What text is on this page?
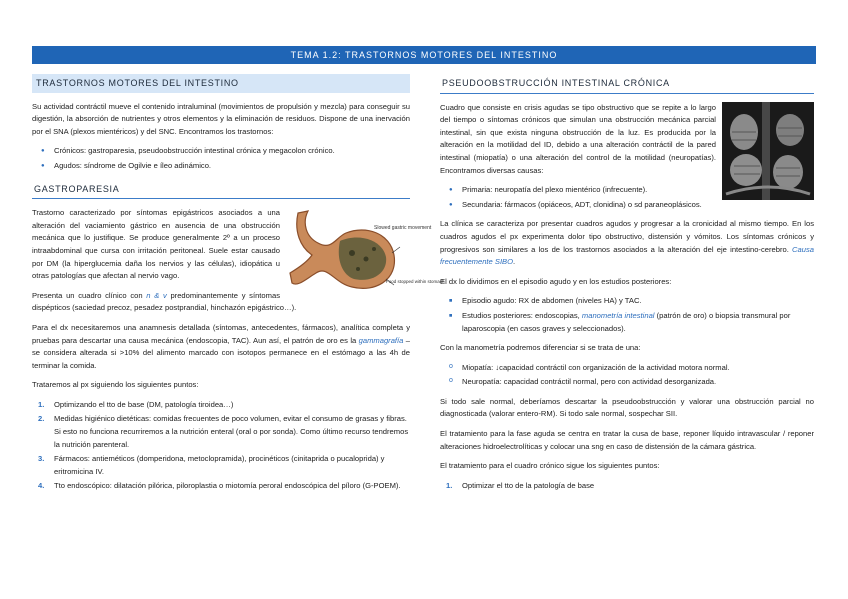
TEMA 1.2: TRASTORNOS MOTORES DEL INTESTINO
TRASTORNOS MOTORES DEL INTESTINO

Su actividad contráctil mueve el contenido intraluminal (movimientos de propulsión y mezcla) para conseguir su digestión, la absorción de nutrientes y otros elementos y la eliminación de residuos. Dispone de una inervación por el SNA (plexos mientéricos) y del SNC. Encontramos los trastornos:

● Crónicos: gastroparesia, pseudoobstrucción intestinal crónica y megacolon crónico.
● Agudos: síndrome de Ogilvie e íleo adinámico.
GASTROPARESIA
Slowed gastric movement
Food stopped within stomach

Trastorno caracterizado por síntomas epigástricos asociados a una alteración del vaciamiento gástrico en ausencia de una obstrucción mecánica que lo justifique. Se produce generalmente 2º a un proceso intraabdominal que cursa con irritación peritoneal. Suele estar causado por DM (la hiperglucemia daña los nervios y las células), idiopática u otras patologías que afectan al nervio vago.

Presenta un cuadro clínico con n & v predominantemente y síntomas dispépticos (saciedad precoz, pesadez postprandial, hinchazón epigástrico…).

Para el dx necesitaremos una anamnesis detallada (síntomas, antecedentes, fármacos), analítica completa y pruebas para descartar una causa mecánica (endoscopia, TAC). Aun así, el patrón de oro es la gammagrafía – se considera alterada si >10% del alimento marcado con isotopos permanece en el estómago a las 4h de terminar la comida.

Trataremos al px siguiendo los siguientes puntos:

Optimizando el tto de base (DM, patología tiroidea…)
Medidas higiénico dietéticas: comidas frecuentes de poco volumen, evitar el consumo de grasas y fibras. Si esto no funciona recurriremos a la nutrición enteral (oral o por sonda). Como último recurso tendremos la nutrición parenteral.
Fármacos: antieméticos (domperidona, metoclopramida), procinéticos (cinitaprida o pucaloprida) y eritromicina IV.
Tto endoscópico: dilatación pilórica, piloroplastia o miotomía peroral endoscópica del píloro (G-POEM).
PSEUDOOBSTRUCCIÓN INTESTINAL CRÓNICA

Cuadro que consiste en crisis agudas se tipo obstructivo que se repite a lo largo del tiempo o síntomas crónicos que simulan una obstrucción mecánica parcial intestinal, sin que exista ninguna obstrucción de la luz. Es producida por la alteración en la motilidad del ID, debido a una alteración contráctil de la pared intestinal (miopatía) o una alteración del control de la motilidad (neuropatías). Encontramos diversas causas:

● Primaria: neuropatía del plexo mientérico (infrecuente).
● Secundaria: fármacos (opiáceos, ADT, clonidina) o sd paraneoplásicos.

La clínica se caracteriza por presentar cuadros agudos y progresar a la cronicidad al mismo tiempo. En los cuadros agudos el px experimenta dolor tipo obstructivo, distensión y vómitos. Los síntomas crónicos y progresivos son similares a los de los trastornos asociados a la alteración del eje intestino-cerebro. Causa frecuentemente SIBO.

El dx lo dividimos en el episodio agudo y en los estudios posteriores:

■ Episodio agudo: RX de abdomen (niveles HA) y TAC.
■ Estudios posteriores: endoscopias, manometría intestinal (patrón de oro) o biopsia transmural por laparoscopia (en casos graves y seleccionados).

Con la manometría podremos diferenciar si se trata de una:

o Miopatía: ↓capacidad contráctil con organización de la actividad motora normal.
o Neuropatía: capacidad contráctil normal, pero con actividad desorganizada.

Si todo sale normal, deberíamos descartar la pseudoobstrucción y valorar una obstrucción parcial no diagnosticada (valorar entero-RM). Si todo sale normal, sospechar SII.

El tratamiento para la fase aguda se centra en tratar la cusa de base, reponer líquido intravascular / reponer alteraciones hidroelectrolíticas y colocar una sng en caso de distensión de la cámara gástrica.

El tratamiento para el cuadro crónico sigue los siguientes puntos:

Optimizar el tto de la patología de base
